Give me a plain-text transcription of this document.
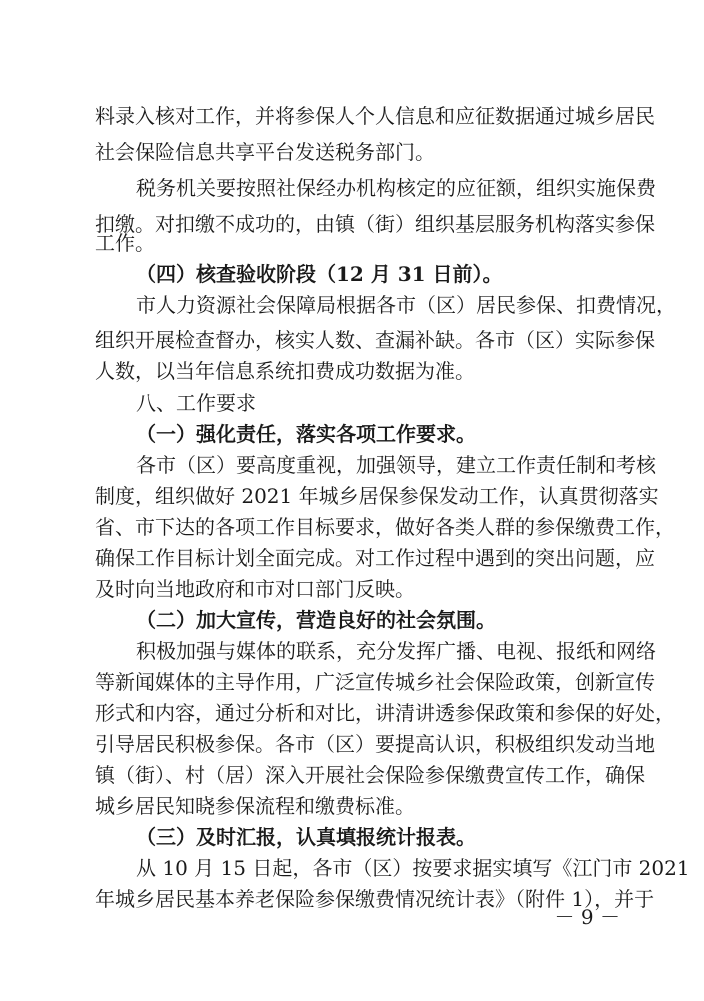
料录入核对工作，并将参保人个人信息和应征数据通过城乡居民
社会保险信息共享平台发送税务部门。
税务机关要按照社保经办机构核定的应征额，组织实施保费
扣缴。对扣缴不成功的，由镇（街）组织基层服务机构落实参保
工作。
（四）核查验收阶段（12 月 31 日前）。
市人力资源社会保障局根据各市（区）居民参保、扣费情况，
组织开展检查督办，核实人数、查漏补缺。各市（区）实际参保
人数，以当年信息系统扣费成功数据为准。
八、工作要求
（一）强化责任，落实各项工作要求。
各市（区）要高度重视，加强领导，建立工作责任制和考核
制度，组织做好 2021 年城乡居保参保发动工作，认真贯彻落实
省、市下达的各项工作目标要求，做好各类人群的参保缴费工作，
确保工作目标计划全面完成。对工作过程中遇到的突出问题，应
及时向当地政府和市对口部门反映。
（二）加大宣传，营造良好的社会氛围。
积极加强与媒体的联系，充分发挥广播、电视、报纸和网络
等新闻媒体的主导作用，广泛宣传城乡社会保险政策，创新宣传
形式和内容，通过分析和对比，讲清讲透参保政策和参保的好处，
引导居民积极参保。各市（区）要提高认识，积极组织发动当地
镇（街）、村（居）深入开展社会保险参保缴费宣传工作，确保
城乡居民知晓参保流程和缴费标准。
（三）及时汇报，认真填报统计报表。
从 10 月 15 日起，各市（区）按要求据实填写《江门市 2021
年城乡居民基本养老保险参保缴费情况统计表》（附件 1），并于
－ 9 －
